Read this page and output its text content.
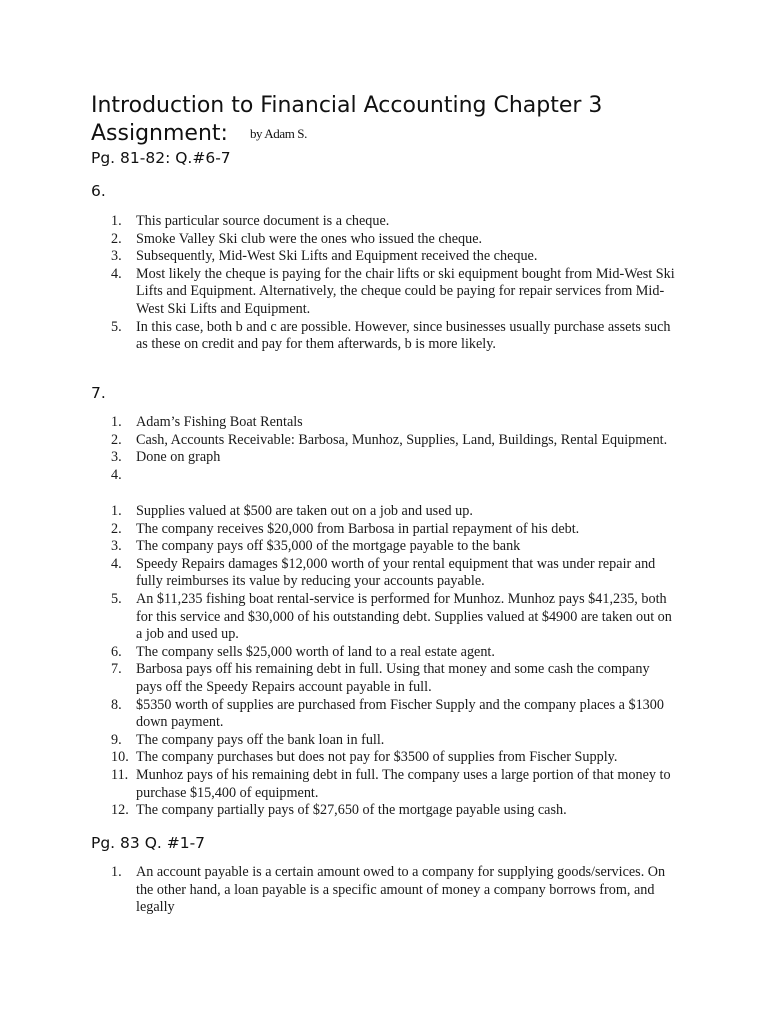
Introduction to Financial Accounting Chapter 3
Assignment: by Adam S.
Pg. 81-82: Q.#6-7
6.
1. This particular source document is a cheque.
2. Smoke Valley Ski club were the ones who issued the cheque.
3. Subsequently, Mid-West Ski Lifts and Equipment received the cheque.
4. Most likely the cheque is paying for the chair lifts or ski equipment bought from Mid-West Ski Lifts and Equipment. Alternatively, the cheque could be paying for repair services from Mid-West Ski Lifts and Equipment.
5. In this case, both b and c are possible. However, since businesses usually purchase assets such as these on credit and pay for them afterwards, b is more likely.
7.
1. Adam’s Fishing Boat Rentals
2. Cash, Accounts Receivable: Barbosa, Munhoz, Supplies, Land, Buildings, Rental Equipment.
3. Done on graph
4.
1. Supplies valued at $500 are taken out on a job and used up.
2. The company receives $20,000 from Barbosa in partial repayment of his debt.
3. The company pays off $35,000 of the mortgage payable to the bank
4. Speedy Repairs damages $12,000 worth of your rental equipment that was under repair and fully reimburses its value by reducing your accounts payable.
5. An $11,235 fishing boat rental-service is performed for Munhoz. Munhoz pays $41,235, both for this service and $30,000 of his outstanding debt. Supplies valued at $4900 are taken out on a job and used up.
6. The company sells $25,000 worth of land to a real estate agent.
7. Barbosa pays off his remaining debt in full. Using that money and some cash the company pays off the Speedy Repairs account payable in full.
8. $5350 worth of supplies are purchased from Fischer Supply and the company places a $1300 down payment.
9. The company pays off the bank loan in full.
10. The company purchases but does not pay for $3500 of supplies from Fischer Supply.
11. Munhoz pays of his remaining debt in full. The company uses a large portion of that money to purchase $15,400 of equipment.
12. The company partially pays of $27,650 of the mortgage payable using cash.
Pg. 83 Q. #1-7
1. An account payable is a certain amount owed to a company for supplying goods/services. On the other hand, a loan payable is a specific amount of money a company borrows from, and legally
